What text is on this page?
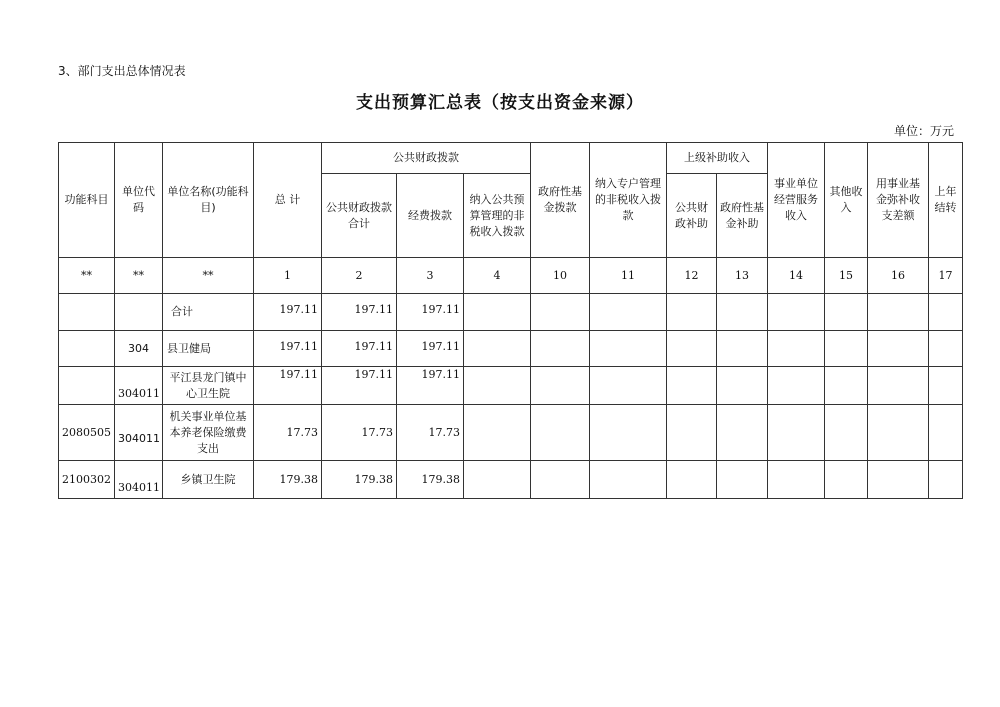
3、部门支出总体情况表
支出预算汇总表（按支出资金来源）
单位：万元
功能科目	单位代码	单位名称(功能科目)	总 计	公共财政拨款			政府性基金拨款	纳入专户管理的非税收入拨款	上级补助收入		事业单位经营服务收入	其他收入	用事业基金弥补收支差额	上年结转
				公共财政拨款合计	经费拨款	纳入公共预算管理的非税收入拨款			公共财政补助	政府性基金补助				
**	**	**	1	2	3	4	10	11	12	13	14	15	16	17
		合计	197.11	197.11	197.11									
	304	县卫健局	197.11	197.11	197.11									
	304011	平江县龙门镇中心卫生院	197.11	197.11	197.11									
2080505	304011	机关事业单位基本养老保险缴费支出	17.73	17.73	17.73									
2100302	304011	乡镇卫生院	179.38	179.38	179.38									
